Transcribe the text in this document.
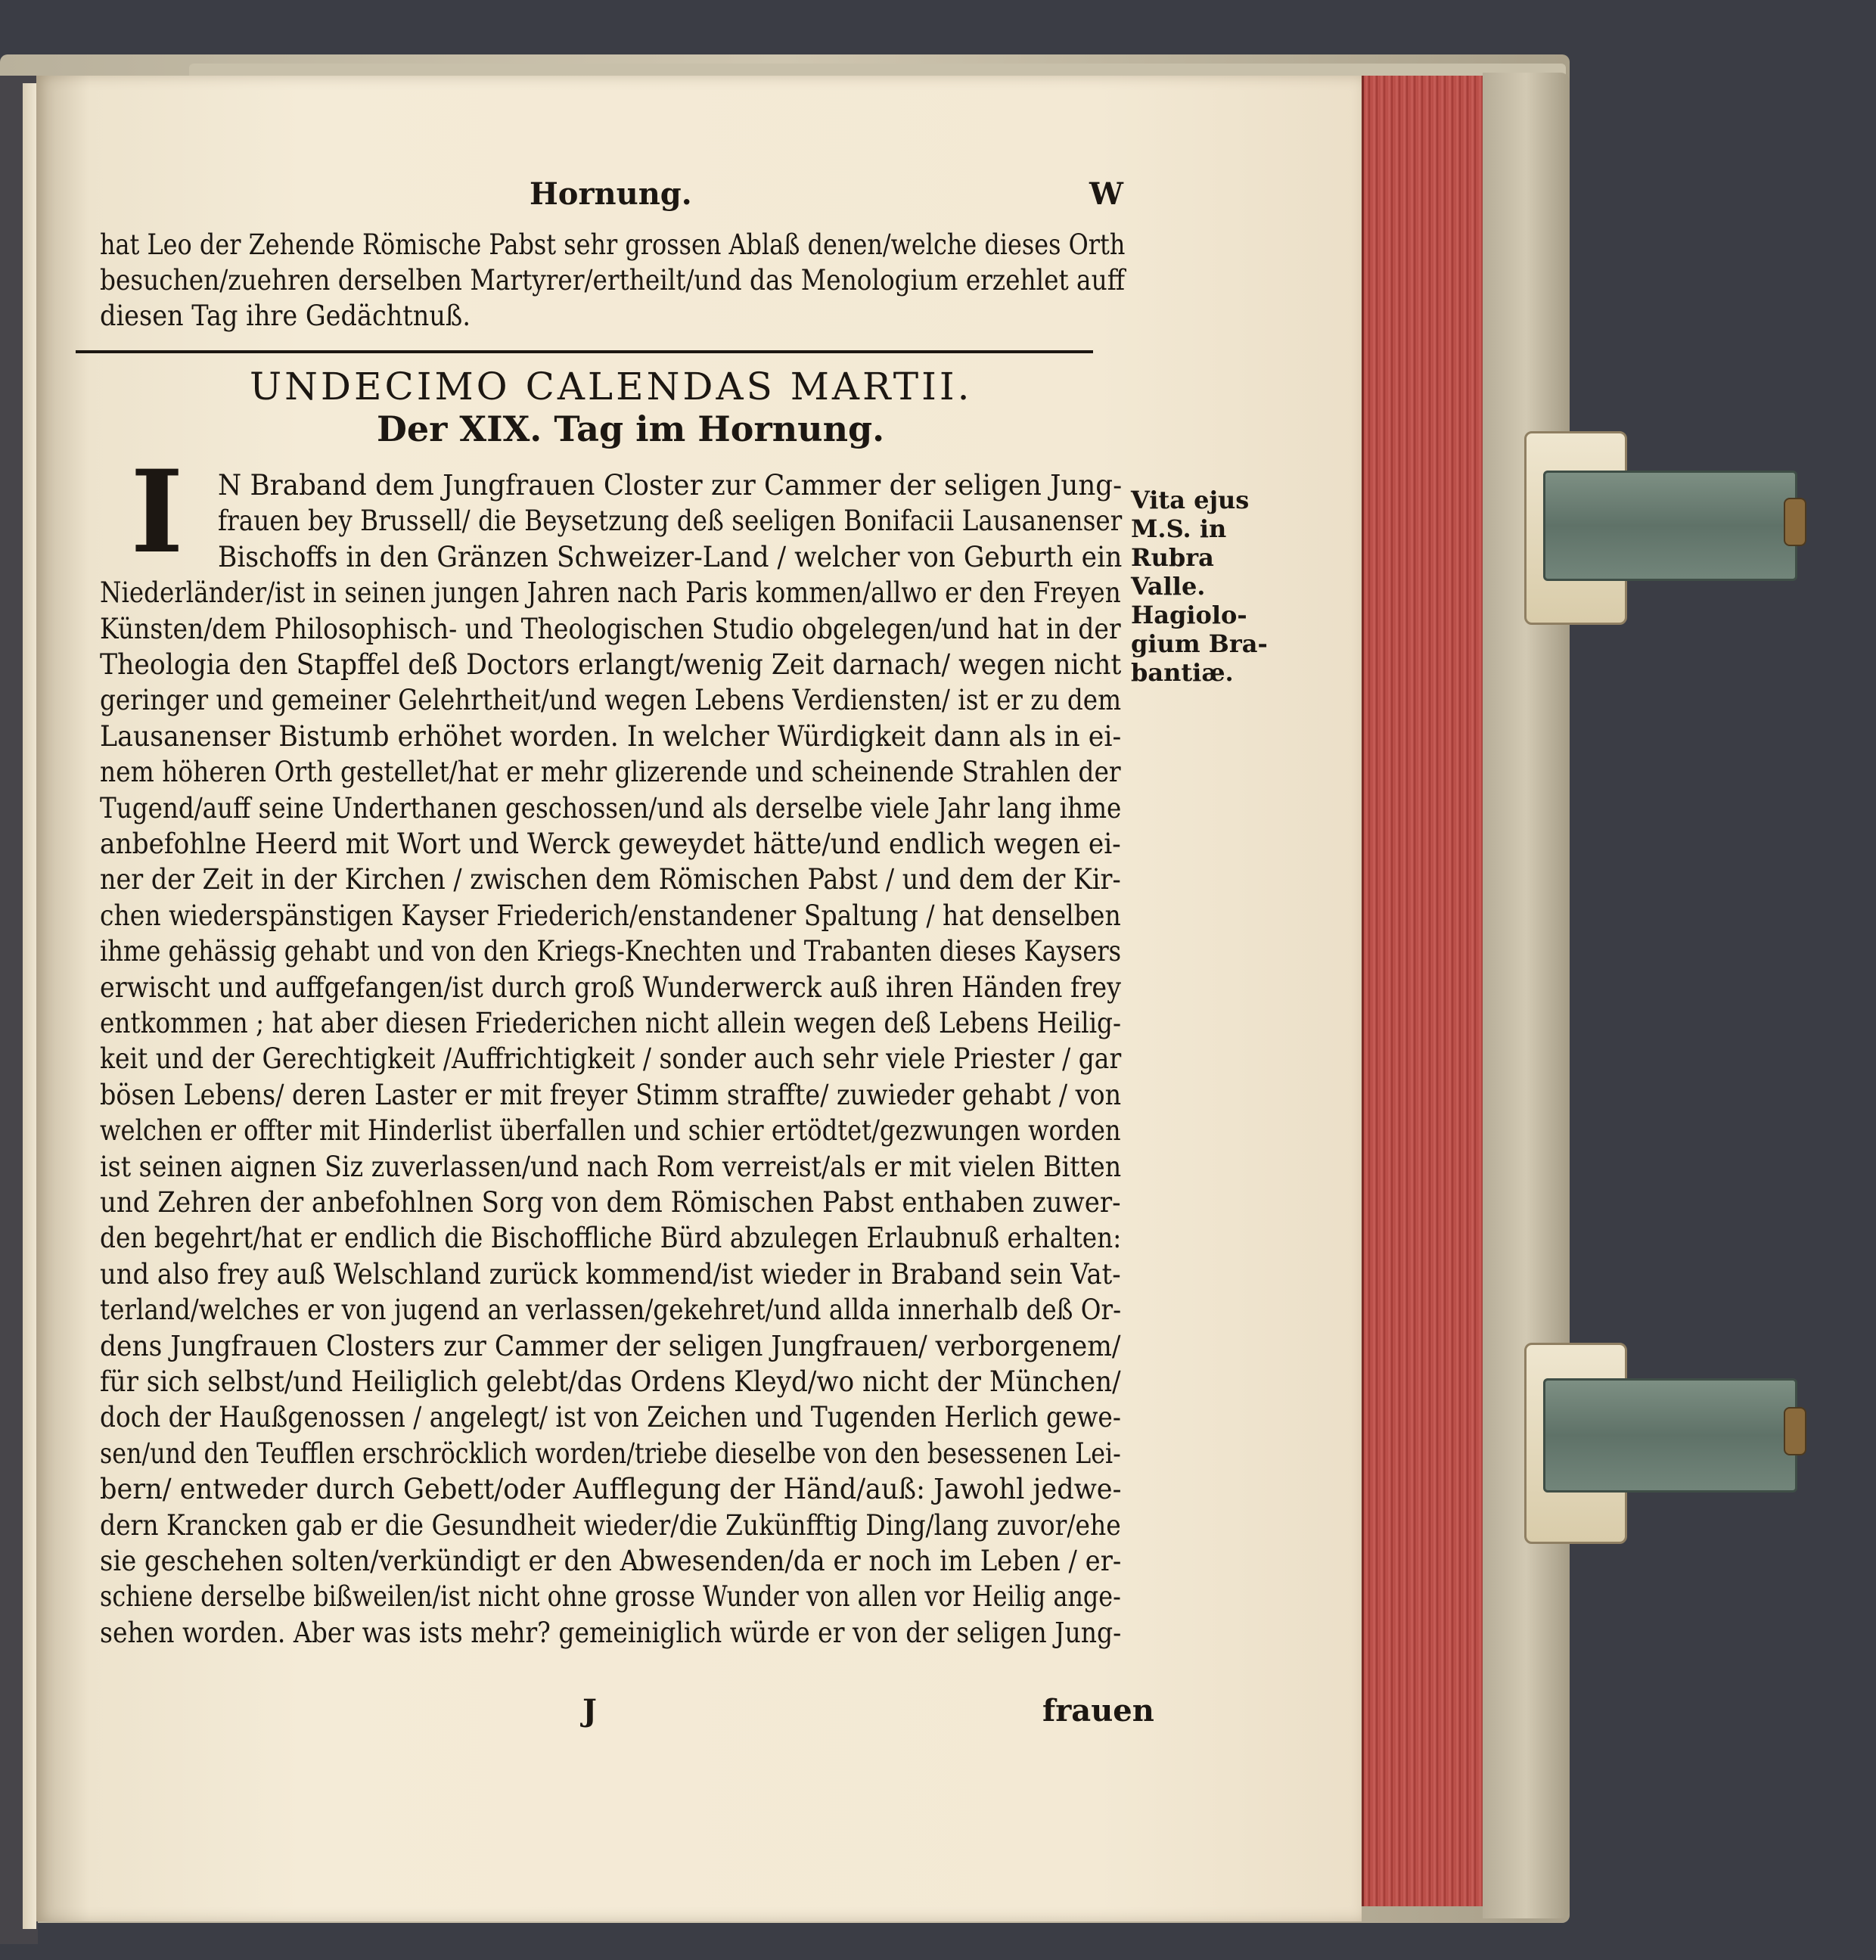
Hornung.	W
hat Leo der Zehende Römische Pabst sehr grossen Ablaß denen/welche dieses Orth
besuchen/zuehren derselben Martyrer/ertheilt/und das Menologium erzehlet auff
diesen Tag ihre Gedächtnuß.
UNDECIMO CALENDAS MARTII.
Der XIX. Tag im Hornung.
I	N Braband dem Jungfrauen Closter zur Cammer der seligen Jung-
frauen bey Brussell/ die Beysetzung deß seeligen Bonifacii Lausanenser
Bischoffs in den Gränzen Schweizer-Land / welcher von Geburth ein
Niederländer/ist in seinen jungen Jahren nach Paris kommen/allwo er den Freyen
Künsten/dem Philosophisch- und Theologischen Studio obgelegen/und hat in der
Theologia den Stapffel deß Doctors erlangt/wenig Zeit darnach/ wegen nicht
geringer und gemeiner Gelehrtheit/und wegen Lebens Verdiensten/ ist er zu dem
Lausanenser Bistumb erhöhet worden. In welcher Würdigkeit dann als in ei-
nem höheren Orth gestellet/hat er mehr glizerende und scheinende Strahlen der
Tugend/auff seine Underthanen geschossen/und als derselbe viele Jahr lang ihme
anbefohlne Heerd mit Wort und Werck geweydet hätte/und endlich wegen ei-
ner der Zeit in der Kirchen / zwischen dem Römischen Pabst / und dem der Kir-
chen wiederspänstigen Kayser Friederich/enstandener Spaltung / hat denselben
ihme gehässig gehabt und von den Kriegs-Knechten und Trabanten dieses Kaysers
erwischt und auffgefangen/ist durch groß Wunderwerck auß ihren Händen frey
entkommen ; hat aber diesen Friederichen nicht allein wegen deß Lebens Heilig-
keit und der Gerechtigkeit /Auffrichtigkeit / sonder auch sehr viele Priester / gar
bösen Lebens/ deren Laster er mit freyer Stimm straffte/ zuwieder gehabt / von
welchen er offter mit Hinderlist überfallen und schier ertödtet/gezwungen worden
ist seinen aignen Siz zuverlassen/und nach Rom verreist/als er mit vielen Bitten
und Zehren der anbefohlnen Sorg von dem Römischen Pabst enthaben zuwer-
den begehrt/hat er endlich die Bischoffliche Bürd abzulegen Erlaubnuß erhalten:
und also frey auß Welschland zurück kommend/ist wieder in Braband sein Vat-
terland/welches er von jugend an verlassen/gekehret/und allda innerhalb deß Or-
dens Jungfrauen Closters zur Cammer der seligen Jungfrauen/ verborgenem/
für sich selbst/und Heiliglich gelebt/das Ordens Kleyd/wo nicht der München/
doch der Haußgenossen / angelegt/ ist von Zeichen und Tugenden Herlich gewe-
sen/und den Teufflen erschröcklich worden/triebe dieselbe von den besessenen Lei-
bern/ entweder durch Gebett/oder Aufflegung der Händ/auß: Jawohl jedwe-
dern Krancken gab er die Gesundheit wieder/die Zukünfftig Ding/lang zuvor/ehe
sie geschehen solten/verkündigt er den Abwesenden/da er noch im Leben / er-
schiene derselbe bißweilen/ist nicht ohne grosse Wunder von allen vor Heilig ange-
sehen worden. Aber was ists mehr? gemeiniglich würde er von der seligen Jung-
Vita ejus
M.S. in
Rubra
Valle.
Hagiolo-
gium Bra-
bantiæ.
J	frauen
